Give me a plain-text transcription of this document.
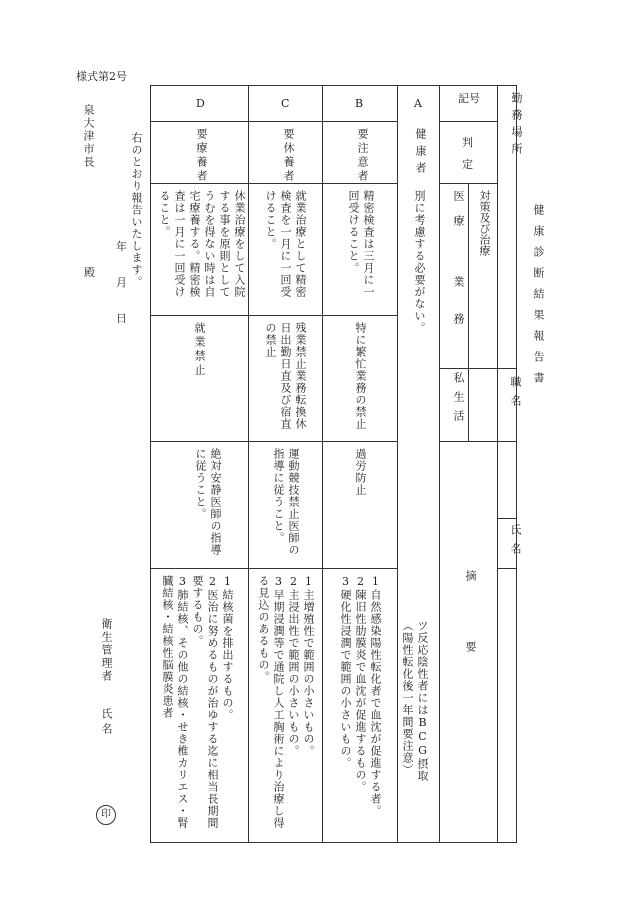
様式第2号
泉大津市長
殿	右のとおり報告いたします。
年
月
日
衛生管理者
氏名
印
健康診断結果報告書
勤務場所
職名
氏名
記号
判定
対策及び治療
医療
業務
私生活
摘要
A
B
C
D
健康者
要注意者
要休養者
要療養者
別に考慮する必要がない。
ツ反応陰性者にはBCG摂取
（陽性転化後一年間要注意）
精密検査は三月に一
回受けること。
特に繁忙業務の禁止
過労防止
1自然感染陽性転化者で血沈が促進する者。
2陳旧性肋膜炎で血沈が促進するもの。
3硬化性浸潤で範囲の小さいもの。
就業治療として精密
検査を一月に一回受
けること。
残業禁止業務転換休
日出勤日直及び宿直
の禁止
運動競技禁止医師の
指導に従うこと。
1主増殖性で範囲の小さいもの。
2主浸出性で範囲の小さいもの。
3早期浸潤等で通院し人工胸術により治療し得
る見込のあるもの。
休業治療をして入院
する事を原則として
うむを得ない時は自
宅療養する。精密検
査は一月に一回受け
ること。
就業禁止
絶対安静医師の指導
に従うこと。
1結核菌を排出するもの。
2医治に努めるものが治ゆする迄に相当長期間
要するもの。
3肺結核、その他の結核・せき椎カリエス・腎
臓結核・結核性脳膜炎患者
